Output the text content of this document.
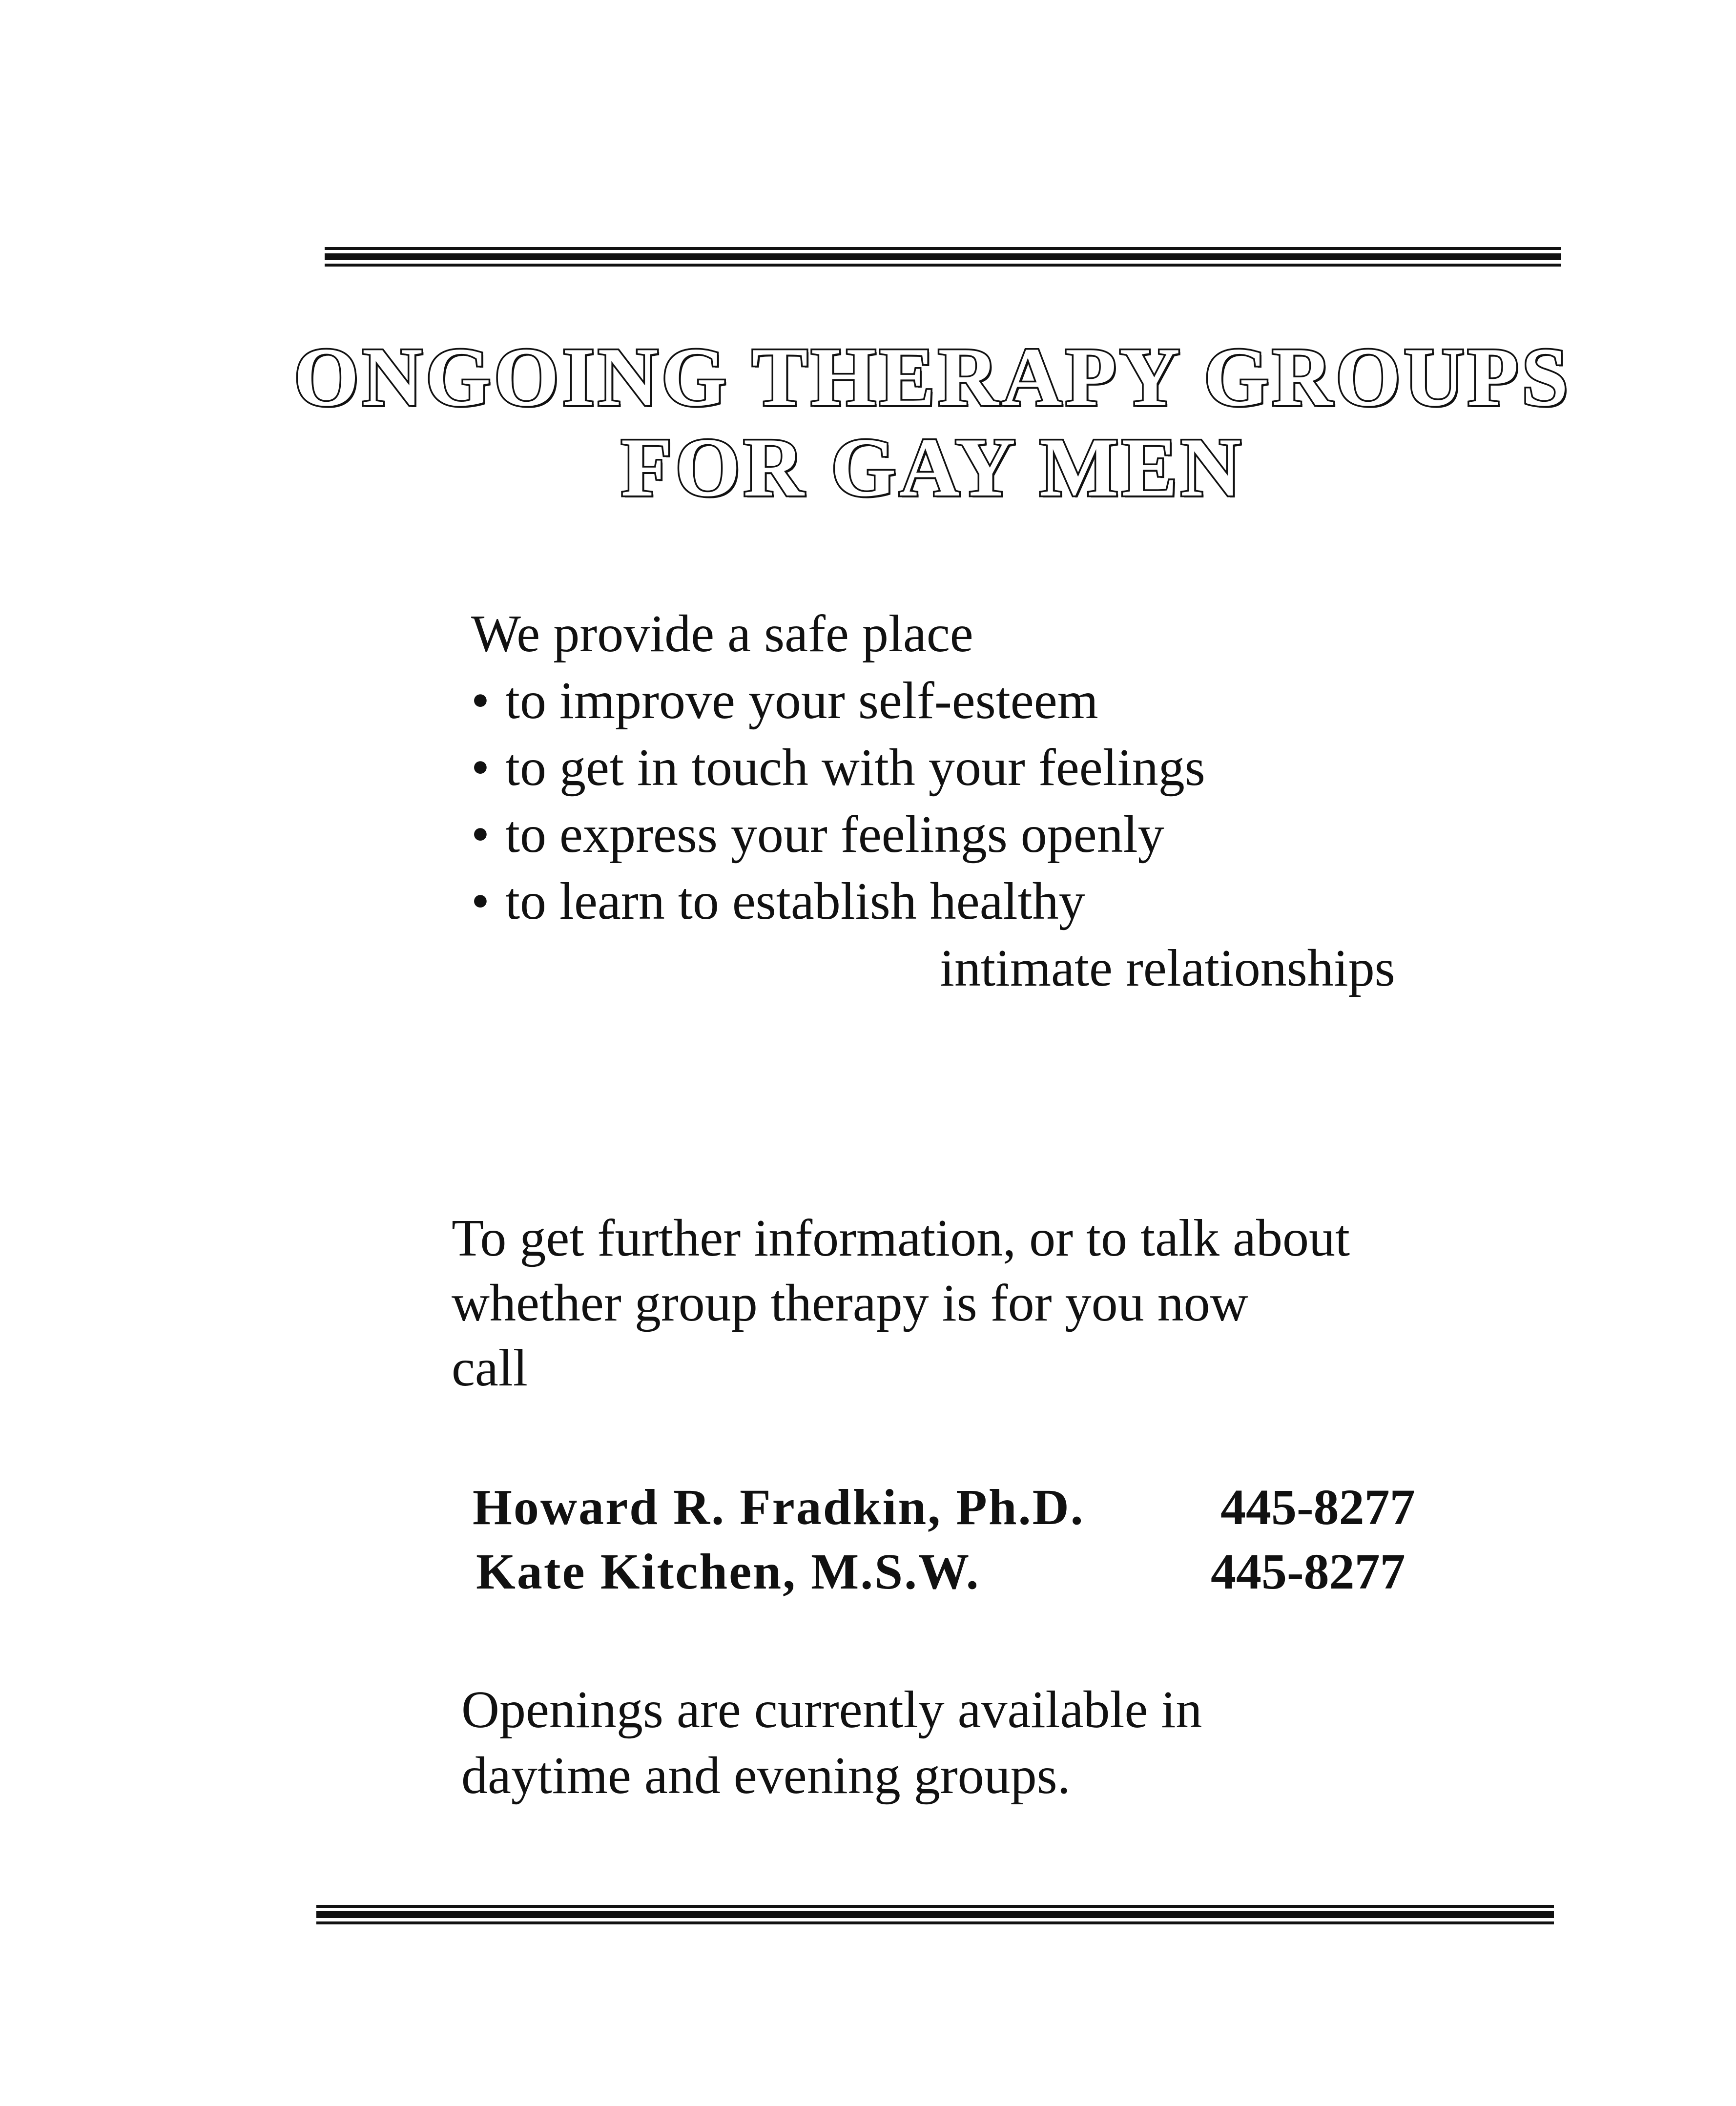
ONGOING THERAPY GROUPS
FOR GAY MEN
We provide a safe place
• to improve your self-esteem
• to get in touch with your feelings
• to express your feelings openly
• to learn to establish healthy
intimate relationships
To get further information, or to talk about
whether group therapy is for you now
call
Howard R. Fradkin, Ph.D.	445-8277
Kate Kitchen, M.S.W.	445-8277
Openings are currently available in
daytime and evening groups.
